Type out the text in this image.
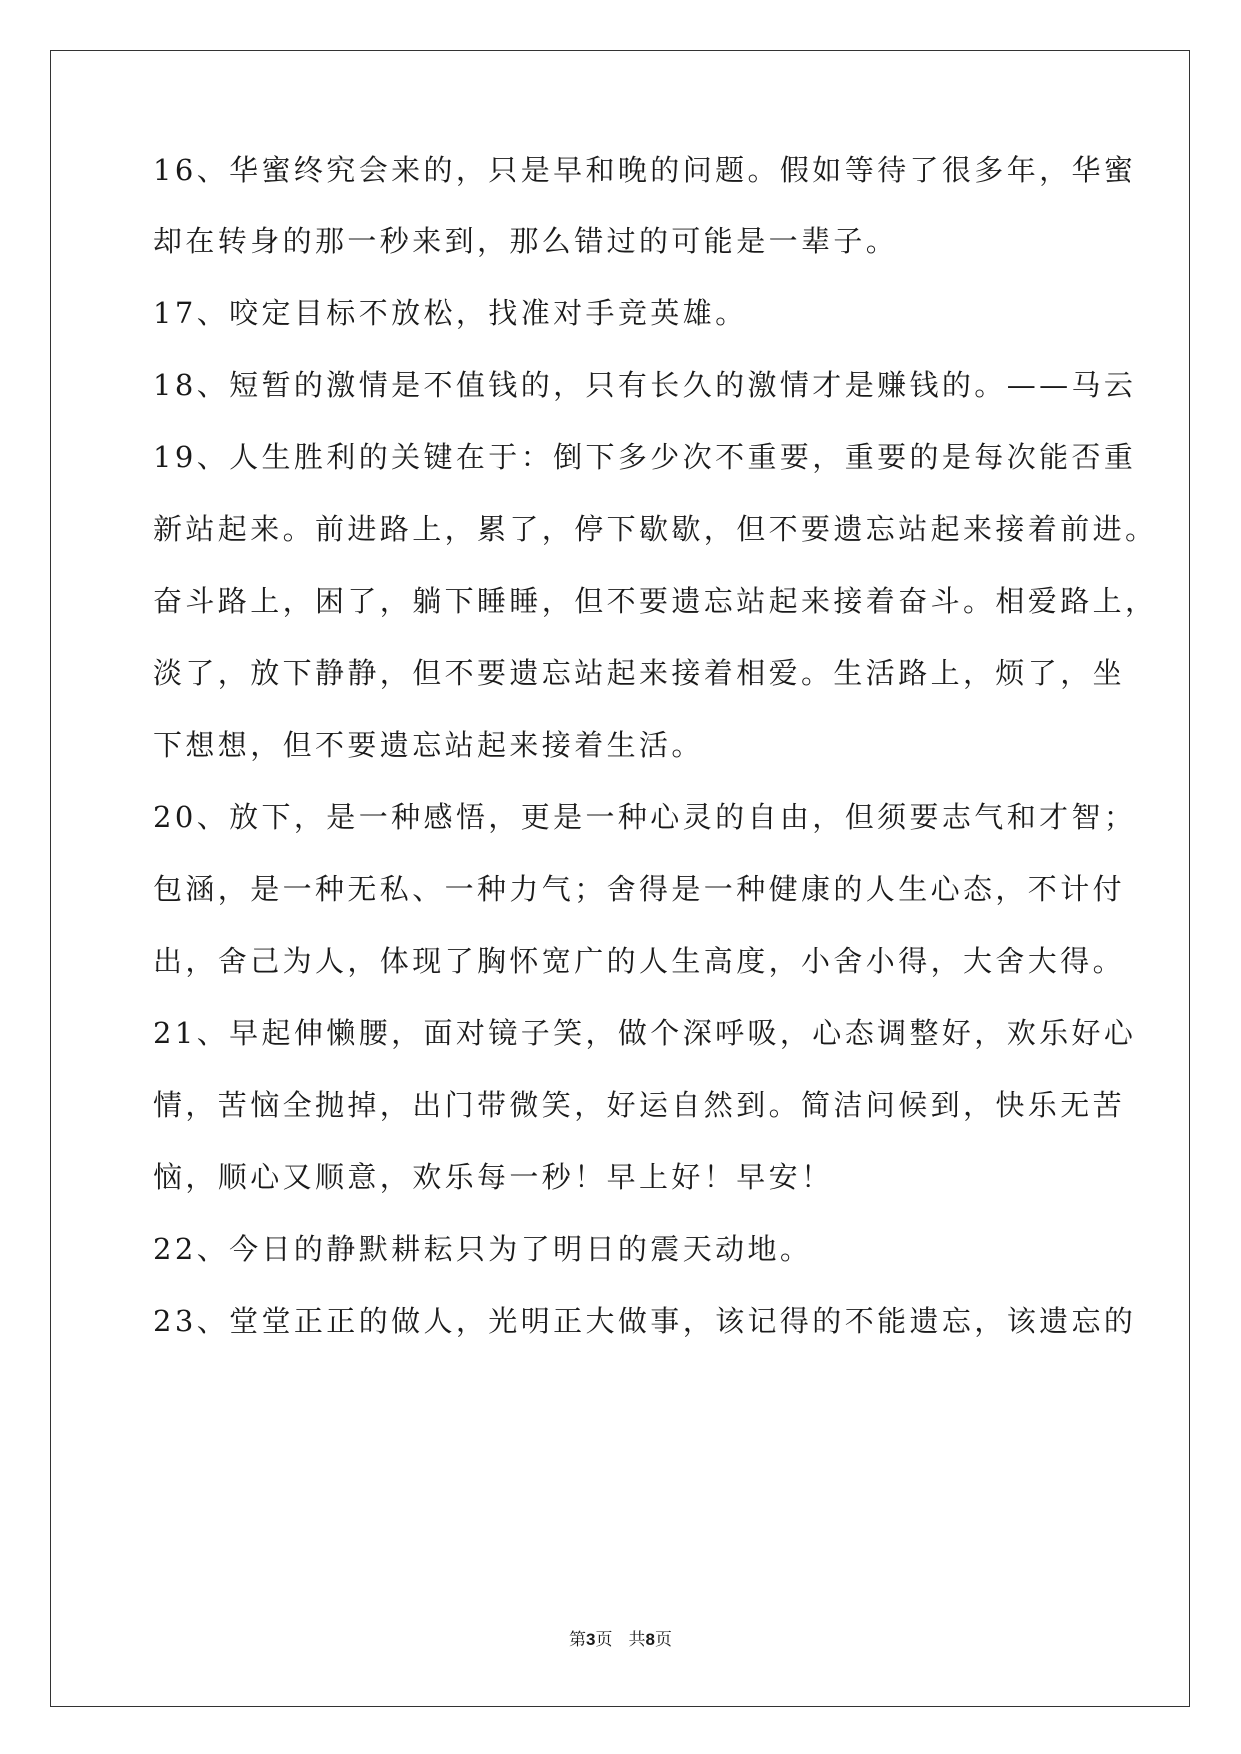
16、华蜜终究会来的，只是早和晚的问题。假如等待了很多年，华蜜
却在转身的那一秒来到，那么错过的可能是一辈子。
17、咬定目标不放松，找准对手竞英雄。
18、短暂的激情是不值钱的，只有长久的激情才是赚钱的。——马云
19、人生胜利的关键在于：倒下多少次不重要，重要的是每次能否重
新站起来。前进路上，累了，停下歇歇，但不要遗忘站起来接着前进。
奋斗路上，困了，躺下睡睡，但不要遗忘站起来接着奋斗。相爱路上，
淡了，放下静静，但不要遗忘站起来接着相爱。生活路上，烦了，坐
下想想，但不要遗忘站起来接着生活。
20、放下，是一种感悟，更是一种心灵的自由，但须要志气和才智；
包涵，是一种无私、一种力气；舍得是一种健康的人生心态，不计付
出，舍己为人，体现了胸怀宽广的人生高度，小舍小得，大舍大得。
21、早起伸懒腰，面对镜子笑，做个深呼吸，心态调整好，欢乐好心
情，苦恼全抛掉，出门带微笑，好运自然到。简洁问候到，快乐无苦
恼，顺心又顺意，欢乐每一秒！早上好！早安！
22、今日的静默耕耘只为了明日的震天动地。
23、堂堂正正的做人，光明正大做事，该记得的不能遗忘，该遗忘的
第3页 共8页
